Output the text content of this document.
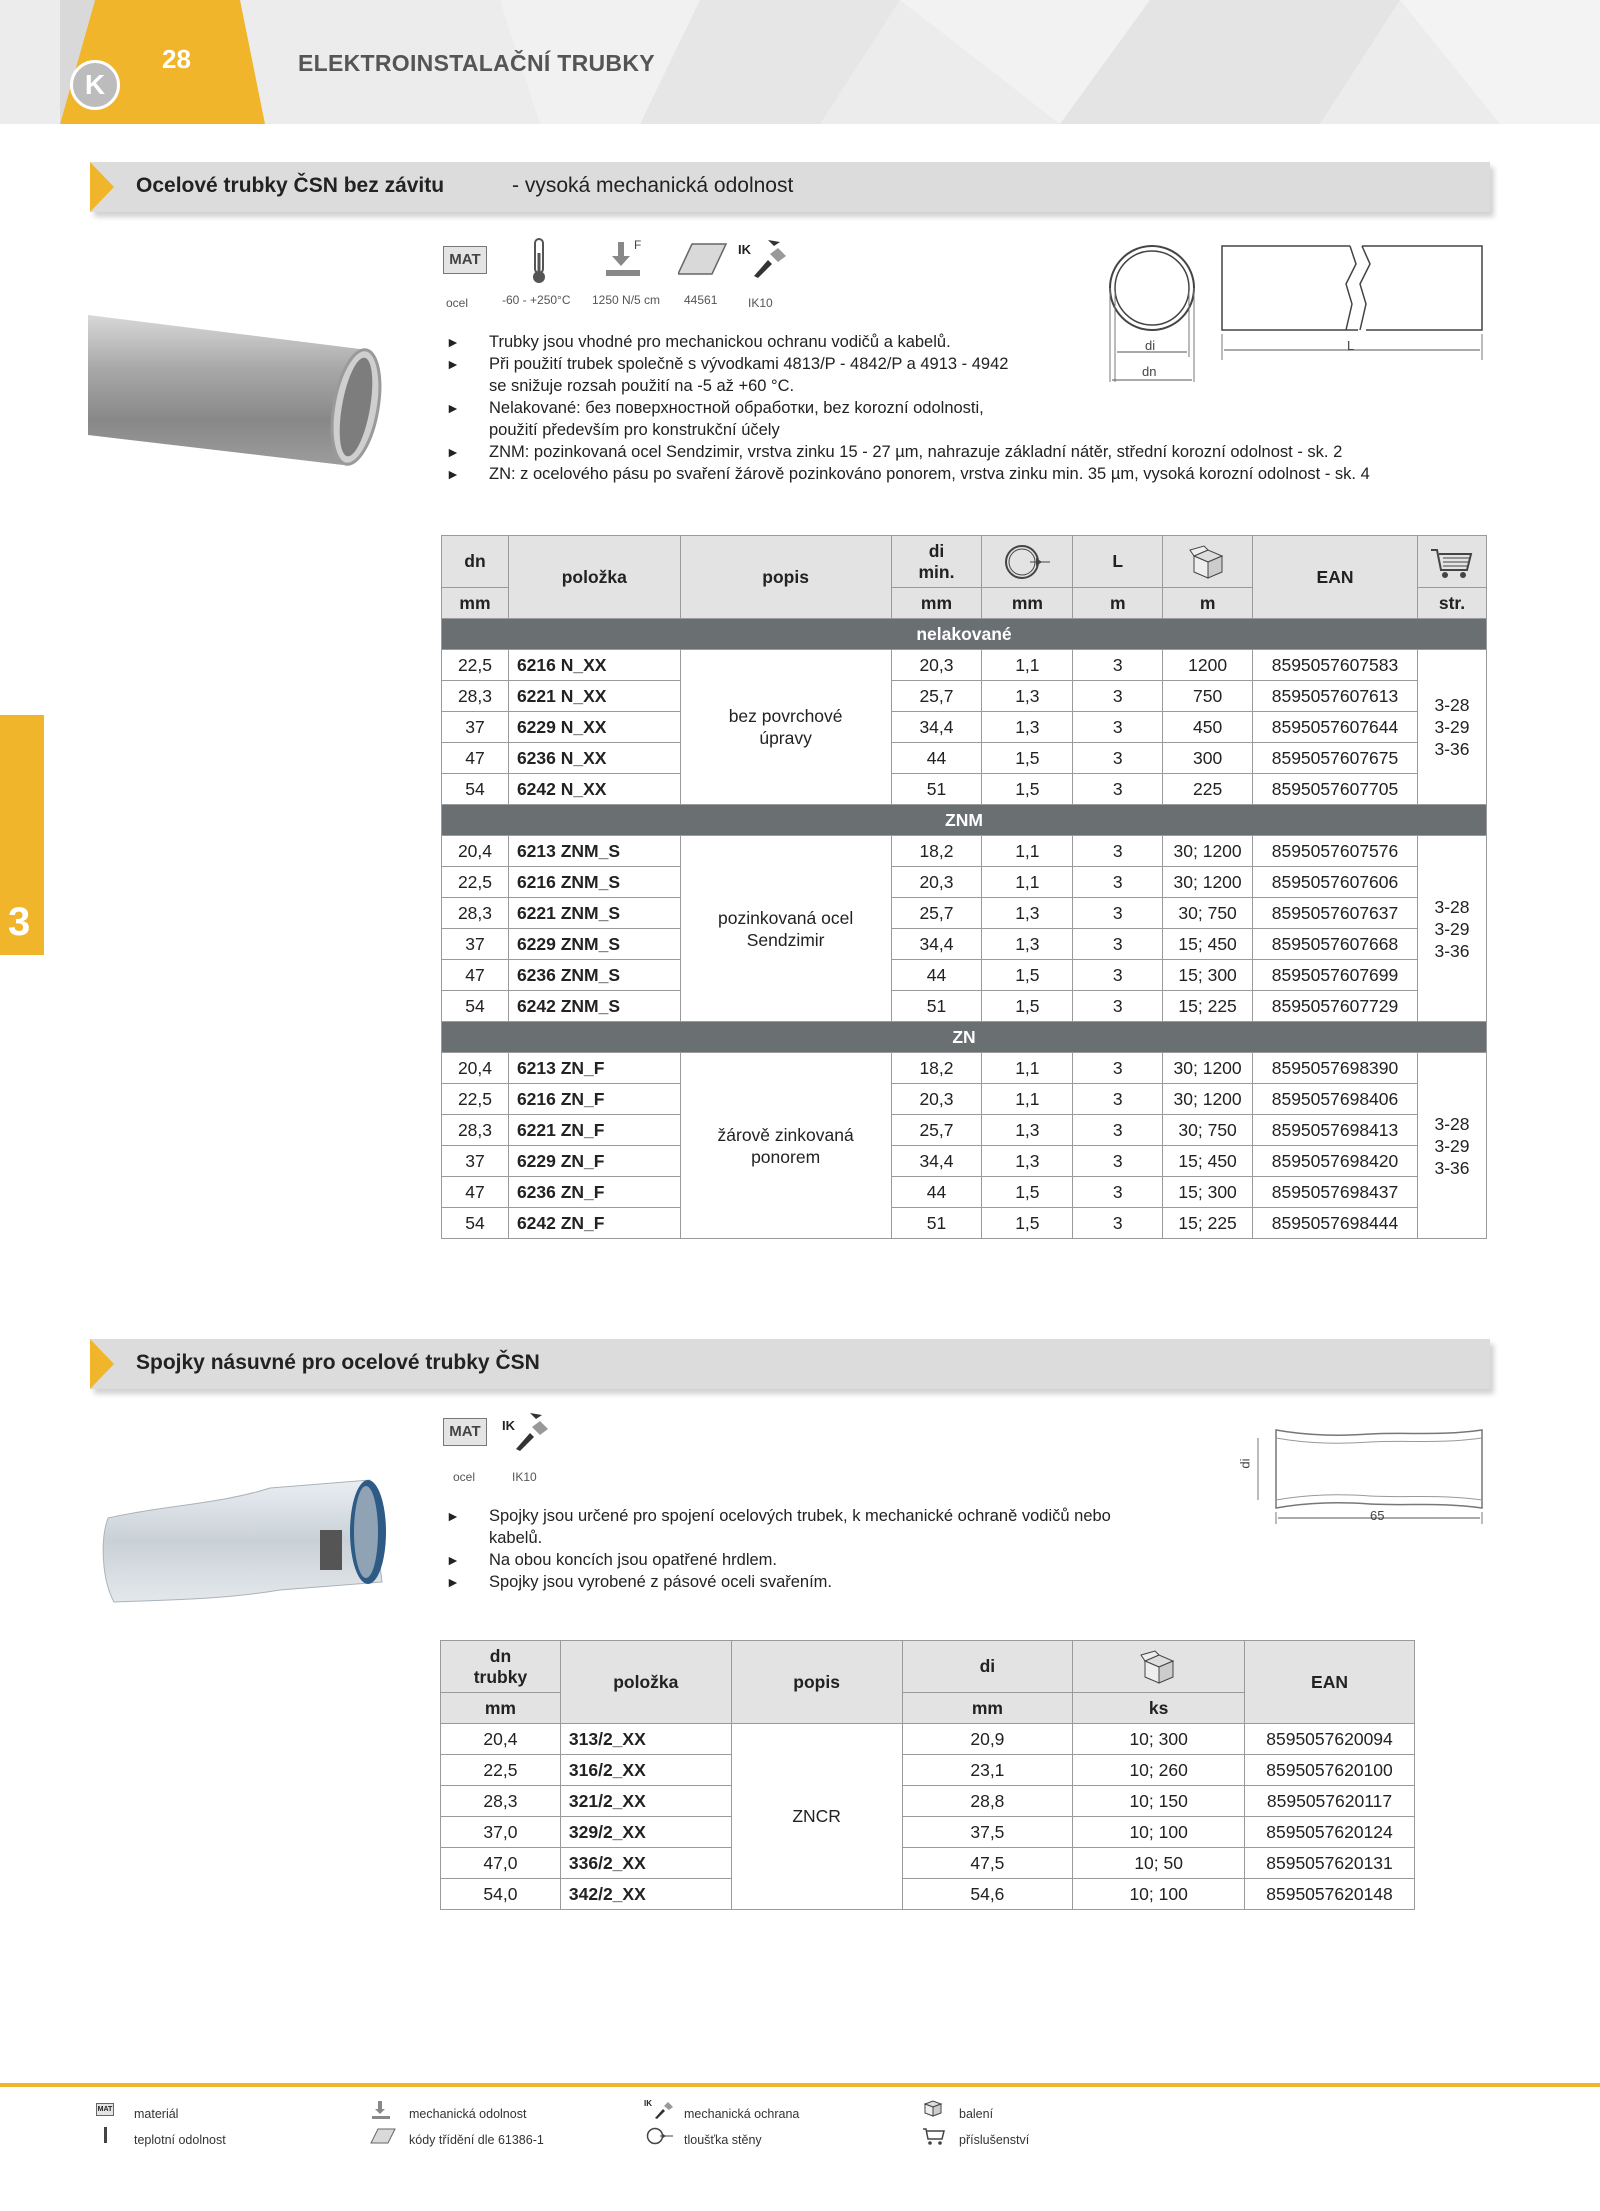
K
28	ELEKTROINSTALAČNÍ TRUBKY
3
Ocelové trubky ČSN bez závitu	- vysoká mechanická odolnost
MAT
F	IK
ocel	-60 - +250°C 1250 N/5 cm 44561	IK10
di
dn
L
► Trubky jsou vhodné pro mechanickou ochranu vodičů a kabelů.
► Při použití trubek společně s vývodkami 4813/P - 4842/P a 4913 - 4942
se snižuje rozsah použití na -5 až +60 °C.
► Nelakované: без поверхностной обработки, bez korozní odolnosti,
použití především pro konstrukční účely
► ZNM: pozinkovaná ocel Sendzimir, vrstva zinku 15 - 27 µm, nahrazuje základní nátěr, střední korozní odolnost - sk. 2
► ZN: z ocelového pásu po svaření žárově pozinkováno ponorem, vrstva zinku min. 35 µm, vysoká korozní odolnost - sk. 4
dn	položka	popis	di
min.		L		EAN	

mm			mm	mm	m	m		str.
nelakované								
22,5	6216 N_XX	bez povrchové úpravy	20,3	1,1	3	1200	8595057607583	3-28 3-29 3-36
28,3	6221 N_XX		25,7	1,3	3	750	8595057607613	
37	6229 N_XX		34,4	1,3	3	450	8595057607644	
47	6236 N_XX		44	1,5	3	300	8595057607675	
54	6242 N_XX		51	1,5	3	225	8595057607705	
ZNM								
20,4	6213 ZNM_S	pozinkovaná ocel Sendzimir	18,2	1,1	3	30; 1200	8595057607576	3-28 3-29 3-36
22,5	6216 ZNM_S		20,3	1,1	3	30; 1200	8595057607606	
28,3	6221 ZNM_S		25,7	1,3	3	30; 750	8595057607637	
37	6229 ZNM_S		34,4	1,3	3	15; 450	8595057607668	
47	6236 ZNM_S		44	1,5	3	15; 300	8595057607699	
54	6242 ZNM_S		51	1,5	3	15; 225	8595057607729	
ZN								
20,4	6213 ZN_F	žárově zinkovaná ponorem	18,2	1,1	3	30; 1200	8595057698390	3-28 3-29 3-36
22,5	6216 ZN_F		20,3	1,1	3	30; 1200	8595057698406	
28,3	6221 ZN_F		25,7	1,3	3	30; 750	8595057698413	
37	6229 ZN_F		34,4	1,3	3	15; 450	8595057698420	
47	6236 ZN_F		44	1,5	3	15; 300	8595057698437	
54	6242 ZN_F		51	1,5	3	15; 225	8595057698444	
Spojky násuvné pro ocelové trubky ČSN
MAT	IK
ocel	IK10
di
65
► Spojky jsou určené pro spojení ocelových trubek, k mechanické ochraně vodičů nebo
kabelů.
► Na obou koncích jsou opatřené hrdlem.
► Spojky jsou vyrobené z pásové oceli svařením.
dn
trubky	položka	popis	di		EAN
mm			mm	ks	
20,4	313/2_XX	ZNCR	20,9	10; 300	8595057620094
22,5	316/2_XX		23,1	10; 260	8595057620100
28,3	321/2_XX		28,8	10; 150	8595057620117
37,0	329/2_XX		37,5	10; 100	8595057620124
47,0	336/2_XX		47,5	10; 50	8595057620131
54,0	342/2_XX		54,6	10; 100	8595057620148
MAT materiál
teplotní odolnost
mechanická odolnost
kódy třídění dle 61386-1
IK
mechanická ochrana
tloušťka stěny
balení
příslušenství
